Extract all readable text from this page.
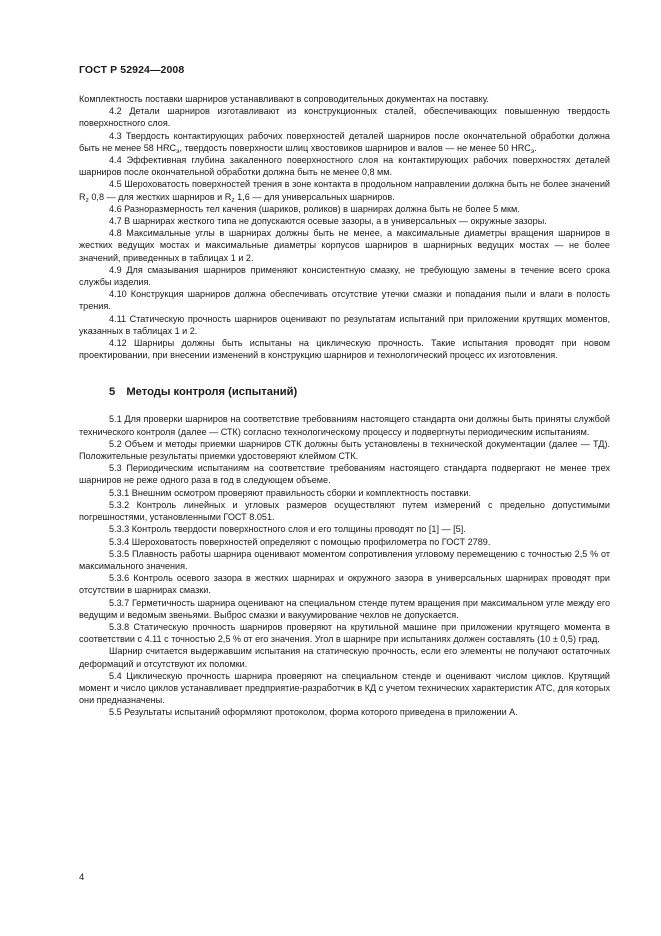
ГОСТ Р 52924—2008

Комплектность поставки шарниров устанавливают в сопроводительных документах на поставку.

4.2 Детали шарниров изготавливают из конструкционных сталей, обеспечивающих повышенную твердость поверхностного слоя.

4.3 Твердость контактирующих рабочих поверхностей деталей шарниров после окончательной обработки должна быть не менее 58 $HRC_э$, твердость поверхности шлиц хвостовиков шарниров и валов — не менее 50 $HRC_э$.

4.4 Эффективная глубина закаленного поверхностного слоя на контактирующих рабочих поверхностях деталей шарниров после окончательной обработки должна быть не менее 0,8 мм.

4.5 Шероховатость поверхностей трения в зоне контакта в продольном направлении должна быть не более значений $R_z$ 0,8 — для жестких шарниров и $R_z$ 1,6 — для универсальных шарниров.

4.6 Разноразмерность тел качения (шариков, роликов) в шарнирах должна быть не более 5 мкм.

4.7 В шарнирах жесткого типа не допускаются осевые зазоры, а в универсальных — окружные зазоры.

4.8 Максимальные углы в шарнирах должны быть не менее, а максимальные диаметры вращения шарниров в жестких ведущих мостах и максимальные диаметры корпусов шарниров в шарнирных ведущих мостах — не более значений, приведенных в таблицах 1 и 2.

4.9 Для смазывания шарниров применяют консистентную смазку, не требующую замены в течение всего срока службы изделия.

4.10 Конструкция шарниров должна обеспечивать отсутствие утечки смазки и попадания пыли и влаги в полость трения.

4.11 Статическую прочность шарниров оценивают по результатам испытаний при приложении крутящих моментов, указанных в таблицах 1 и 2.

4.12 Шарниры должны быть испытаны на циклическую прочность. Такие испытания проводят при новом проектировании, при внесении изменений в конструкцию шарниров и технологический процесс их изготовления.

5 Методы контроля (испытаний)

5.1 Для проверки шарниров на соответствие требованиям настоящего стандарта они должны быть приняты службой технического контроля (далее — СТК) согласно технологическому процессу и подвергнуты периодическим испытаниям.

5.2 Объем и методы приемки шарниров СТК должны быть установлены в технической документации (далее — ТД). Положительные результаты приемки удостоверяют клеймом СТК.

5.3 Периодическим испытаниям на соответствие требованиям настоящего стандарта подвергают не менее трех шарниров не реже одного раза в год в следующем объеме.

5.3.1 Внешним осмотром проверяют правильность сборки и комплектность поставки.

5.3.2 Контроль линейных и угловых размеров осуществляют путем измерений с предельно допустимыми погрешностями, установленными ГОСТ 8.051.

5.3.3 Контроль твердости поверхностного слоя и его толщины проводят по [1] — [5].

5.3.4 Шероховатость поверхностей определяют с помощью профилометра по ГОСТ 2789.

5.3.5 Плавность работы шарнира оценивают моментом сопротивления угловому перемещению с точностью 2,5 % от максимального значения.

5.3.6 Контроль осевого зазора в жестких шарнирах и окружного зазора в универсальных шарнирах проводят при отсутствии в шарнирах смазки.

5.3.7 Герметичность шарнира оценивают на специальном стенде путем вращения при максимальном угле между его ведущим и ведомым звеньями. Выброс смазки и вакуумирование чехлов не допускается.

5.3.8 Статическую прочность шарниров проверяют на крутильной машине при приложении крутящего момента в соответствии с 4.11 с точностью 2,5 % от его значения. Угол в шарнире при испытаниях должен составлять (10 ± 0,5) град.

Шарнир считается выдержавшим испытания на статическую прочность, если его элементы не получают остаточных деформаций и отсутствуют их поломки.

5.4 Циклическую прочность шарнира проверяют на специальном стенде и оценивают числом циклов. Крутящий момент и число циклов устанавливает предприятие-разработчик в КД с учетом технических характеристик АТС, для которых они предназначены.

5.5 Результаты испытаний оформляют протоколом, форма которого приведена в приложении А.

4
